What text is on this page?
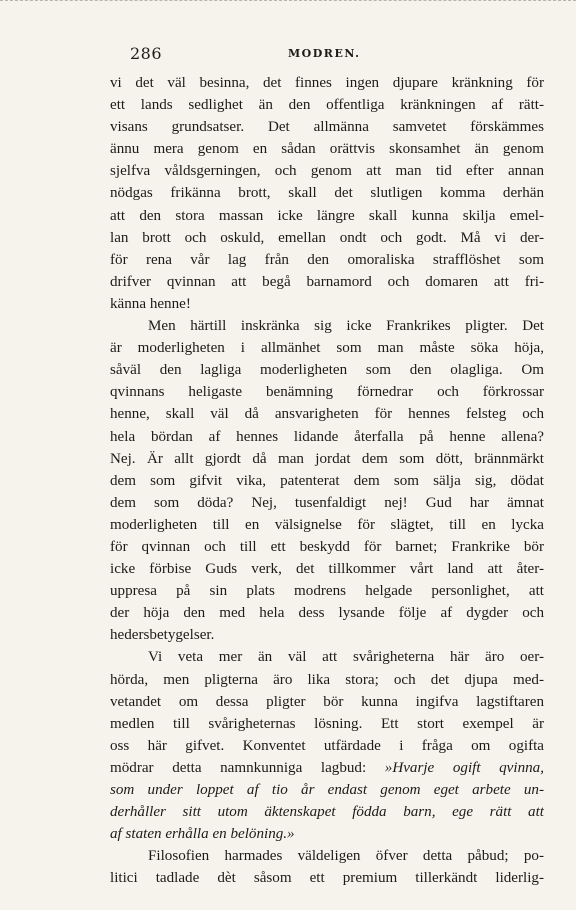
286	MODREN.
vi det väl besinna, det finnes ingen djupare kränkning för
ett lands sedlighet än den offentliga kränkningen af rätt-
visans grundsatser. Det allmänna samvetet förskämmes
ännu mera genom en sådan orättvis skonsamhet än genom
sjelfva våldsgerningen, och genom att man tid efter annan
nödgas frikänna brott, skall det slutligen komma derhän
att den stora massan icke längre skall kunna skilja emel-
lan brott och oskuld, emellan ondt och godt. Må vi der-
för rena vår lag från den omoraliska strafflöshet som
drifver qvinnan att begå barnamord och domaren att fri-
känna henne!
Men härtill inskränka sig icke Frankrikes pligter. Det
är moderligheten i allmänhet som man måste söka höja,
såväl den lagliga moderligheten som den olagliga. Om
qvinnans heligaste benämning förnedrar och förkrossar
henne, skall väl då ansvarigheten för hennes felsteg och
hela bördan af hennes lidande återfalla på henne allena?
Nej. Är allt gjordt då man jordat dem som dött, brännmärkt
dem som gifvit vika, patenterat dem som sälja sig, dödat
dem som döda? Nej, tusenfaldigt nej! Gud har ämnat
moderligheten till en välsignelse för slägtet, till en lycka
för qvinnan och till ett beskydd för barnet; Frankrike bör
icke förbise Guds verk, det tillkommer vårt land att åter-
uppresa på sin plats modrens helgade personlighet, att
der höja den med hela dess lysande följe af dygder och
hedersbetygelser.
Vi veta mer än väl att svårigheterna här äro oer-
hörda, men pligterna äro lika stora; och det djupa med-
vetandet om dessa pligter bör kunna ingifva lagstiftaren
medlen till svårigheternas lösning. Ett stort exempel är
oss här gifvet. Konventet utfärdade i fråga om ogifta
mödrar detta namnkunniga lagbud: »Hvarje ogift qvinna,
som under loppet af tio år endast genom eget arbete un-
derhåller sitt utom äktenskapet födda barn, ege rätt att
af staten erhålla en belöning.»
Filosofien harmades väldeligen öfver detta påbud; po-
litici tadlade dèt såsom ett premium tillerkändt liderlig-
